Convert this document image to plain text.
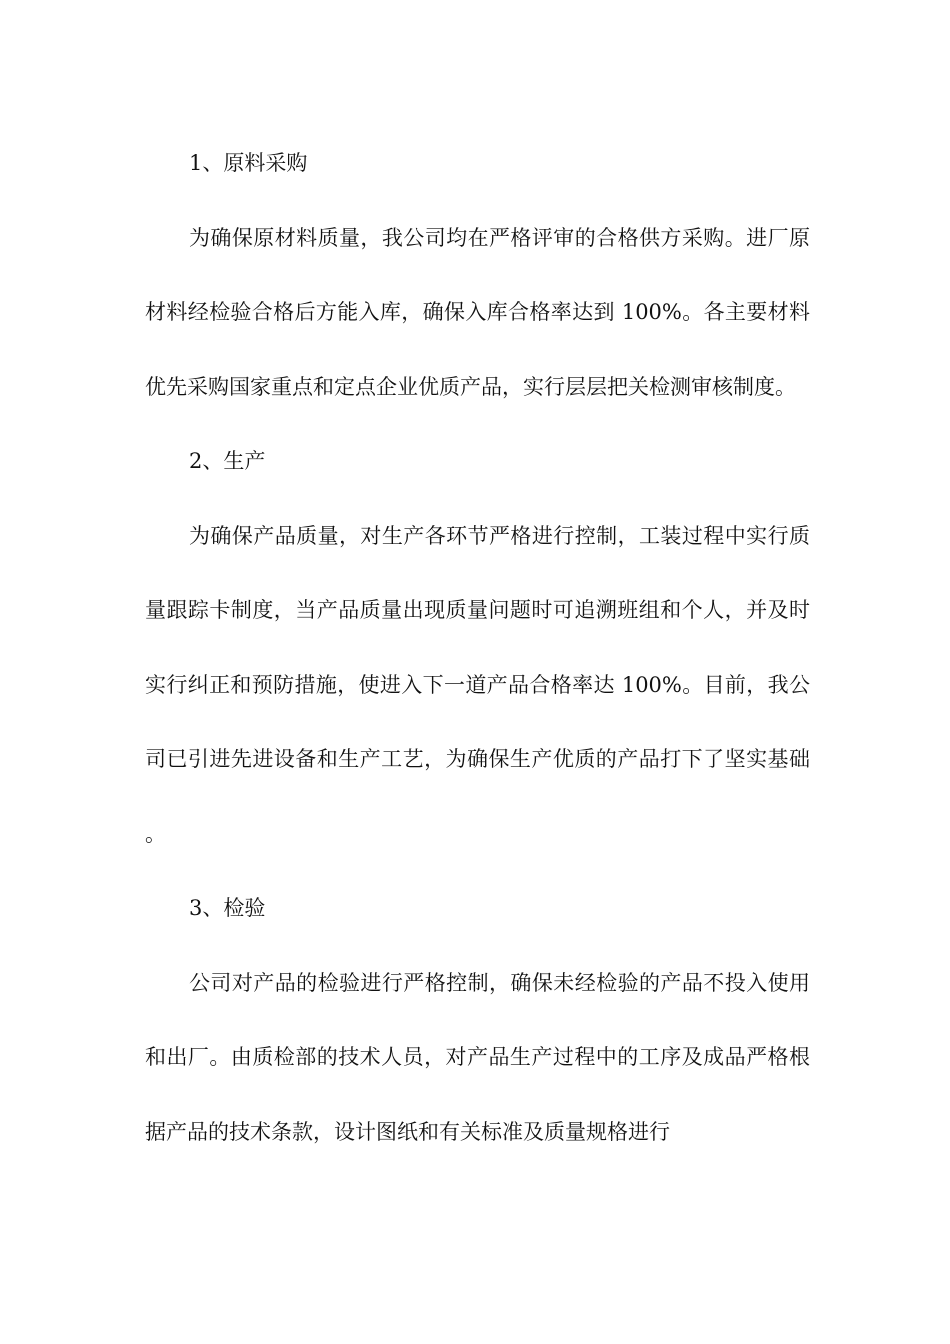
1、原料采购

为确保原材料质量，我公司均在严格评审的合格供方采购。进厂原材料经检验合格后方能入库，确保入库合格率达到 100%。各主要材料优先采购国家重点和定点企业优质产品，实行层层把关检测审核制度。

2、生产

为确保产品质量，对生产各环节严格进行控制，工装过程中实行质量跟踪卡制度，当产品质量出现质量问题时可追溯班组和个人，并及时实行纠正和预防措施，使进入下一道产品合格率达 100%。目前，我公司已引进先进设备和生产工艺，为确保生产优质的产品打下了坚实基础。

3、检验

公司对产品的检验进行严格控制，确保未经检验的产品不投入使用和出厂。由质检部的技术人员，对产品生产过程中的工序及成品严格根据产品的技术条款，设计图纸和有关标准及质量规格进行
